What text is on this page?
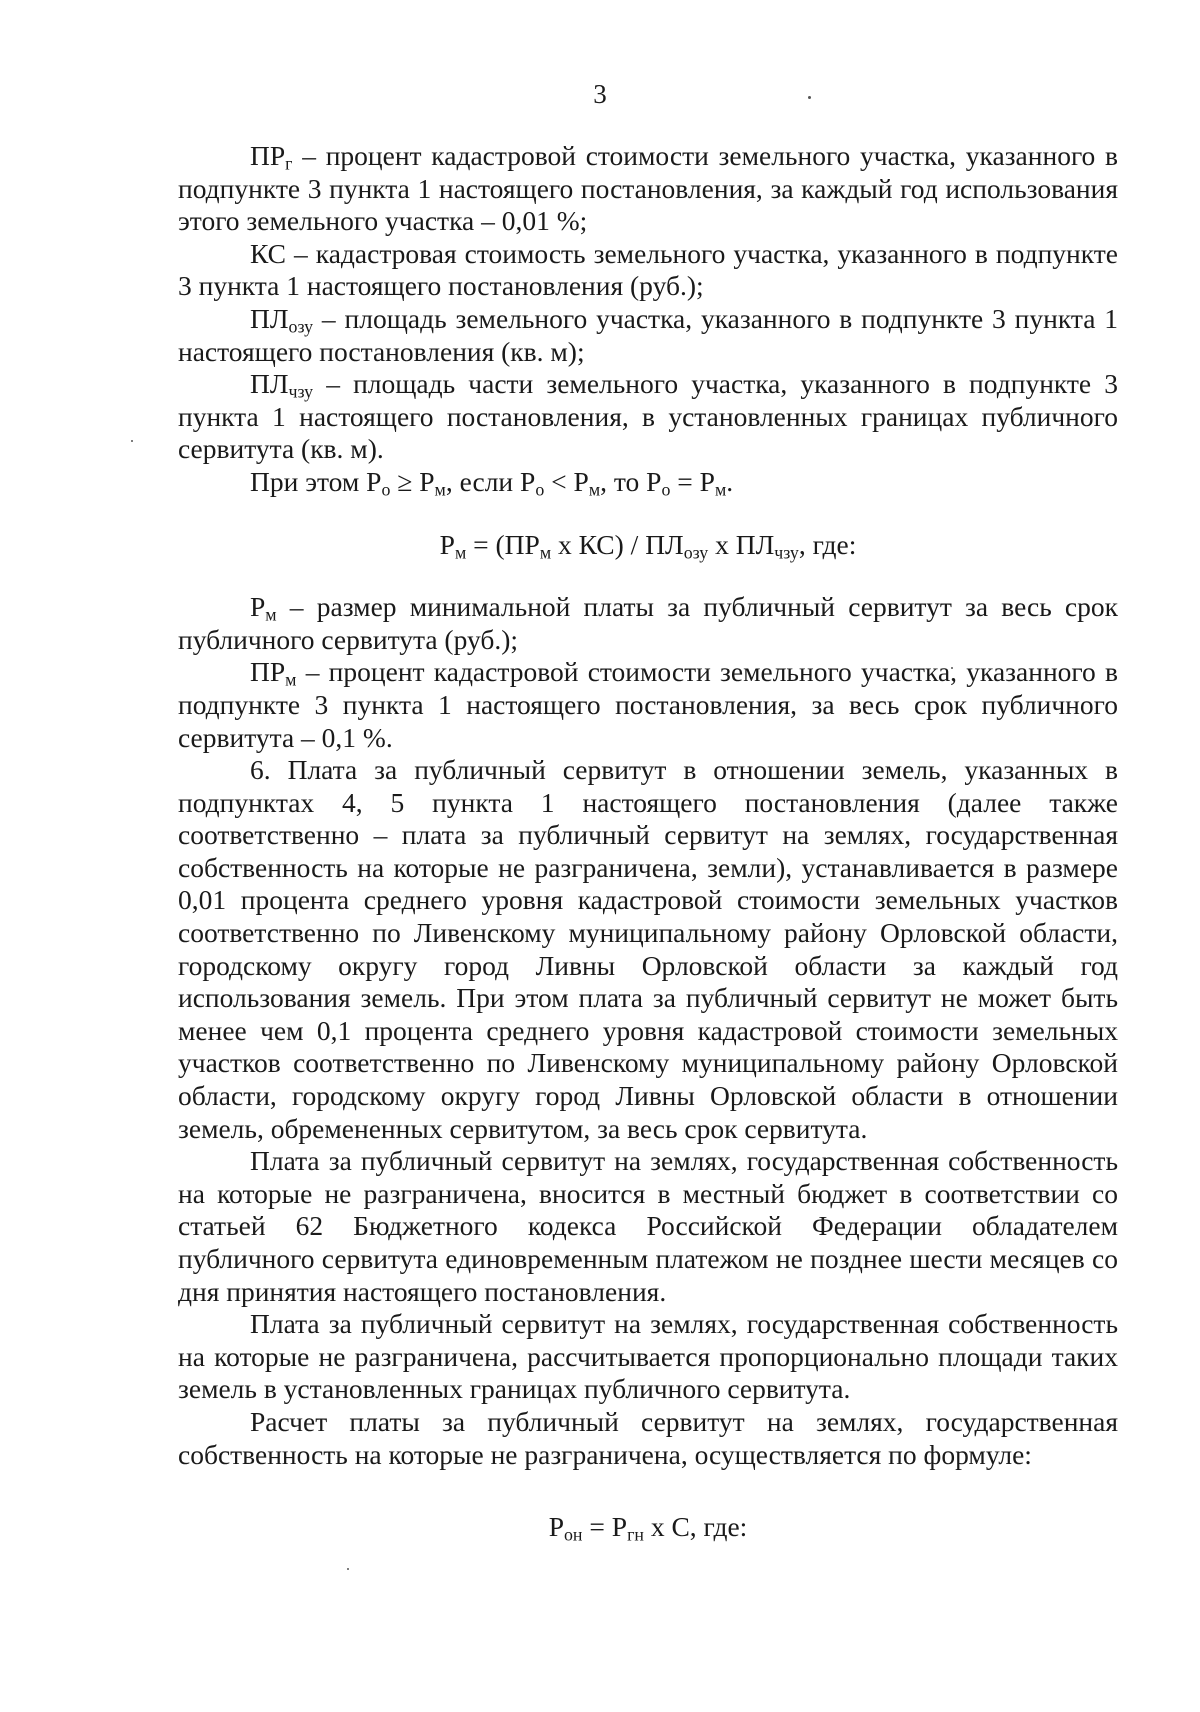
3

$ПР_г$ – процент кадастровой стоимости земельного участка, указанного в подпункте 3 пункта 1 настоящего постановления, за каждый год использования этого земельного участка – 0,01 %;

КС – кадастровая стоимость земельного участка, указанного в подпункте 3 пункта 1 настоящего постановления (руб.);

$ПЛ_{озу}$ – площадь земельного участка, указанного в подпункте 3 пункта 1 настоящего постановления (кв. м);

$ПЛ_{чзу}$ – площадь части земельного участка, указанного в подпункте 3 пункта 1 настоящего постановления, в установленных границах публичного сервитута (кв. м).

При этом $Р_о \ge Р_м$, если $Р_о < Р_м$, то $Р_о = Р_м$.

$Р_м = (ПР_м$ х $КС) / ПЛ_{озу}$ х $ПЛ_{чзу}$, где:

$Р_м$ – размер минимальной платы за публичный сервитут за весь срок публичного сервитута (руб.);

$ПР_м$ – процент кадастровой стоимости земельного участка, указанного в подпункте 3 пункта 1 настоящего постановления, за весь срок публичного сервитута – 0,1 %.

6. Плата за публичный сервитут в отношении земель, указанных в подпунктах 4, 5 пункта 1 настоящего постановления (далее также соответственно – плата за публичный сервитут на землях, государственная собственность на которые не разграничена, земли), устанавливается в размере 0,01 процента среднего уровня кадастровой стоимости земельных участков соответственно по Ливенскому муниципальному району Орловской области, городскому округу город Ливны Орловской области за каждый год использования земель. При этом плата за публичный сервитут не может быть менее чем 0,1 процента среднего уровня кадастровой стоимости земельных участков соответственно по Ливенскому муниципальному району Орловской области, городскому округу город Ливны Орловской области в отношении земель, обремененных сервитутом, за весь срок сервитута.

Плата за публичный сервитут на землях, государственная собственность на которые не разграничена, вносится в местный бюджет в соответствии со статьей 62 Бюджетного кодекса Российской Федерации обладателем публичного сервитута единовременным платежом не позднее шести месяцев со дня принятия настоящего постановления.

Плата за публичный сервитут на землях, государственная собственность на которые не разграничена, рассчитывается пропорционально площади таких земель в установленных границах публичного сервитута.

Расчет платы за публичный сервитут на землях, государственная собственность на которые не разграничена, осуществляется по формуле:

$Р_{он} = Р_{гн}$ х С, где:
